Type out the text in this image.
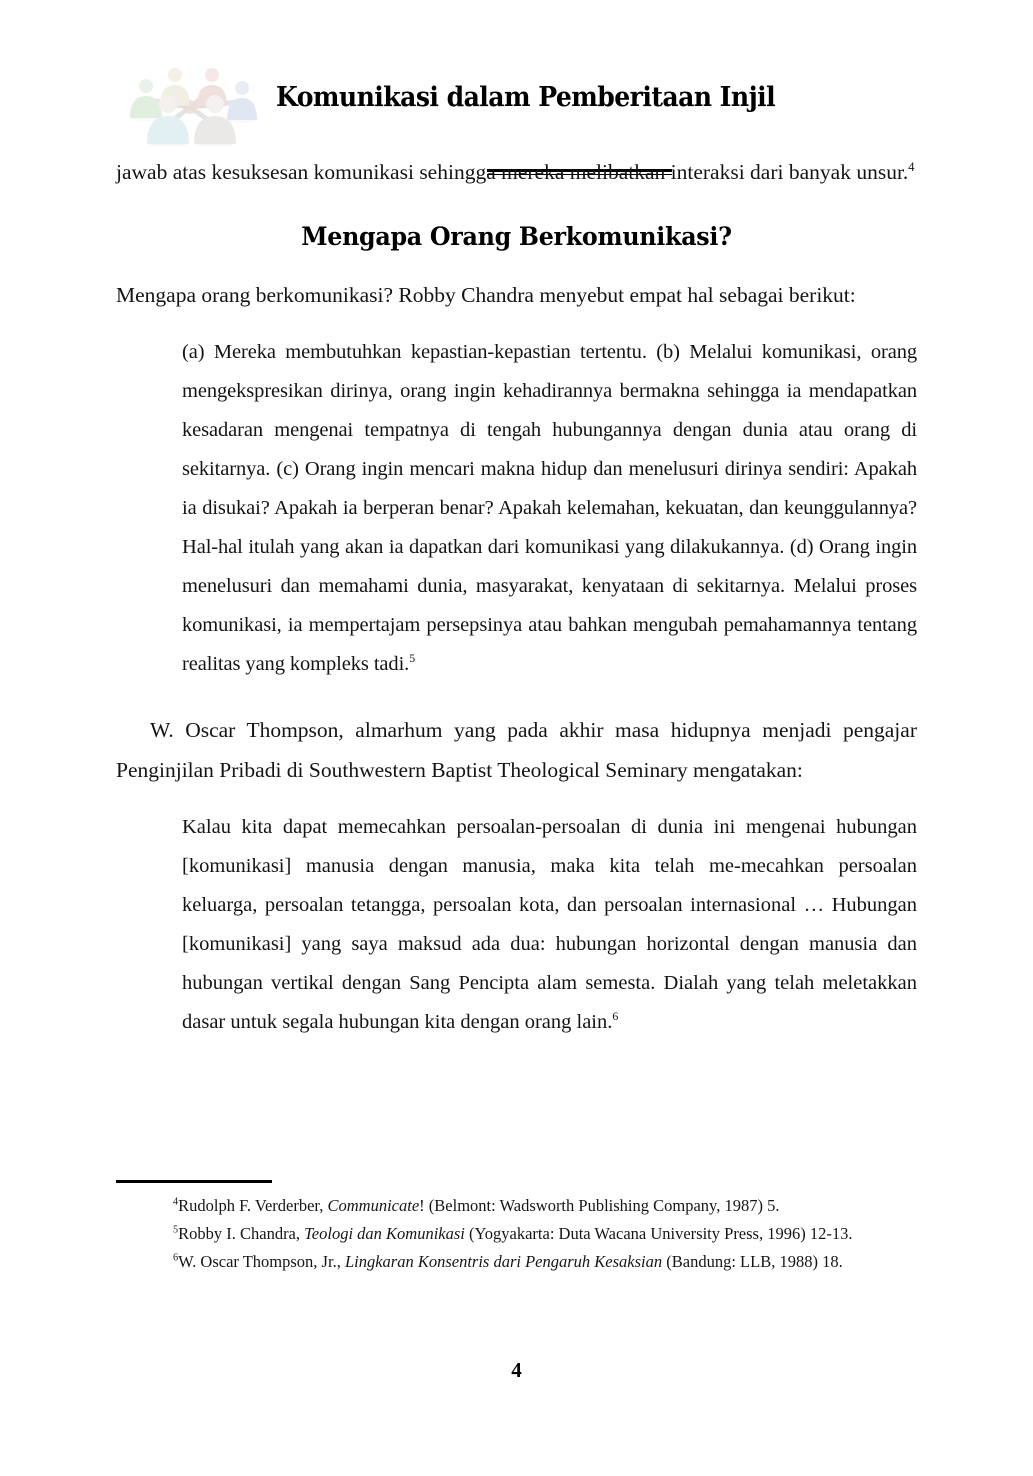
Komunikasi dalam Pemberitaan Injil

jawab atas kesuksesan komunikasi sehingga mereka melibatkan interaksi dari banyak unsur.$^4$

Mengapa Orang Berkomunikasi?

Mengapa orang berkomunikasi? Robby Chandra menyebut empat hal sebagai berikut:

(a) Mereka membutuhkan kepastian-kepastian tertentu. (b) Melalui komunikasi, orang mengekspresikan dirinya, orang ingin kehadirannya bermakna sehingga ia mendapatkan kesadaran mengenai tempatnya di tengah hubungannya dengan dunia atau orang di sekitarnya. (c) Orang ingin mencari makna hidup dan menelusuri dirinya sendiri: Apakah ia disukai? Apakah ia berperan benar? Apakah kelemahan, kekuatan, dan keunggulannya? Hal-hal itulah yang akan ia dapatkan dari komunikasi yang dilakukannya. (d) Orang ingin menelusuri dan memahami dunia, masyarakat, kenyataan di sekitarnya. Melalui proses komunikasi, ia mempertajam persepsinya atau bahkan mengubah pemahamannya tentang realitas yang kompleks tadi.$^5$

W. Oscar Thompson, almarhum yang pada akhir masa hidupnya menjadi pengajar Penginjilan Pribadi di Southwestern Baptist Theological Seminary mengatakan:

Kalau kita dapat memecahkan persoalan-persoalan di dunia ini mengenai hubungan [komunikasi] manusia dengan manusia, maka kita telah me-mecahkan persoalan keluarga, persoalan tetangga, persoalan kota, dan persoalan internasional … Hubungan [komunikasi] yang saya maksud ada dua: hubungan horizontal dengan manusia dan hubungan vertikal dengan Sang Pencipta alam semesta. Dialah yang telah meletakkan dasar untuk segala hubungan kita dengan orang lain.$^6$

$^4$Rudolph F. Verderber, Communicate! (Belmont: Wadsworth Publishing Company, 1987) 5.

$^5$Robby I. Chandra, Teologi dan Komunikasi (Yogyakarta: Duta Wacana University Press, 1996) 12-13.

$^6$W. Oscar Thompson, Jr., Lingkaran Konsentris dari Pengaruh Kesaksian (Bandung: LLB, 1988) 18.

4
